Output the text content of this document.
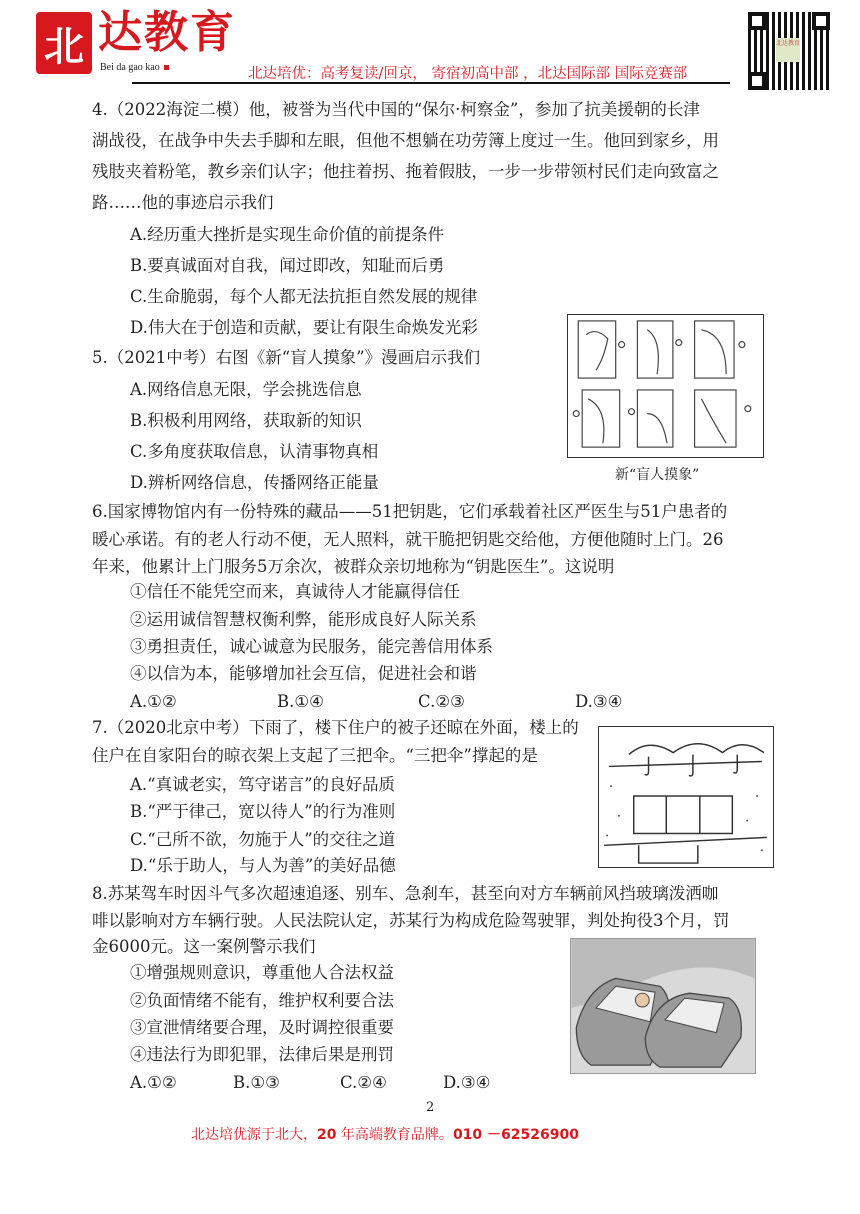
北 达教育
Bei da gao kao	北达培优：高考复读/回京， 寄宿初高中部 ，北达国际部 国际竞赛部
北达教育
4.（2022海淀二模）他，被誉为当代中国的“保尔·柯察金”，参加了抗美援朝的长津
湖战役，在战争中失去手脚和左眼，但他不想躺在功劳簿上度过一生。他回到家乡，用
残肢夹着粉笔，教乡亲们认字；他拄着拐、拖着假肢，一步一步带领村民们走向致富之
路……他的事迹启示我们
A.经历重大挫折是实现生命价值的前提条件
B.要真诚面对自我，闻过即改，知耻而后勇
C.生命脆弱，每个人都无法抗拒自然发展的规律
D.伟大在于创造和贡献，要让有限生命焕发光彩
5.（2021中考）右图《新“盲人摸象”》漫画启示我们
A.网络信息无限，学会挑选信息
B.积极利用网络，获取新的知识
C.多角度获取信息，认清事物真相
D.辨析网络信息，传播网络正能量	新“盲人摸象”
6.国家博物馆内有一份特殊的藏品——51把钥匙，它们承载着社区严医生与51户患者的
暖心承诺。有的老人行动不便，无人照料，就干脆把钥匙交给他，方便他随时上门。26
年来，他累计上门服务5万余次，被群众亲切地称为“钥匙医生”。这说明
①信任不能凭空而来，真诚待人才能赢得信任
②运用诚信智慧权衡利弊，能形成良好人际关系
③勇担责任，诚心诚意为民服务，能完善信用体系
④以信为本，能够增加社会互信，促进社会和谐
A.①②	B.①④	C.②③	D.③④
7.（2020北京中考）下雨了，楼下住户的被子还晾在外面，楼上的
住户在自家阳台的晾衣架上支起了三把伞。“三把伞”撑起的是
A.“真诚老实，笃守诺言”的良好品质
B.“严于律己，宽以待人”的行为准则
C.“己所不欲，勿施于人”的交往之道
D.“乐于助人，与人为善”的美好品德
8.苏某驾车时因斗气多次超速追逐、别车、急刹车，甚至向对方车辆前风挡玻璃泼洒咖
啡以影响对方车辆行驶。人民法院认定，苏某行为构成危险驾驶罪，判处拘役3个月，罚
金6000元。这一案例警示我们
①增强规则意识，尊重他人合法权益
②负面情绪不能有，维护权利要合法
③宣泄情绪要合理，及时调控很重要
④违法行为即犯罪，法律后果是刑罚
A.①②	B.①③	C.②④	D.③④
2
北达培优源于北大，20 年高端教育品牌。010 －62526900
